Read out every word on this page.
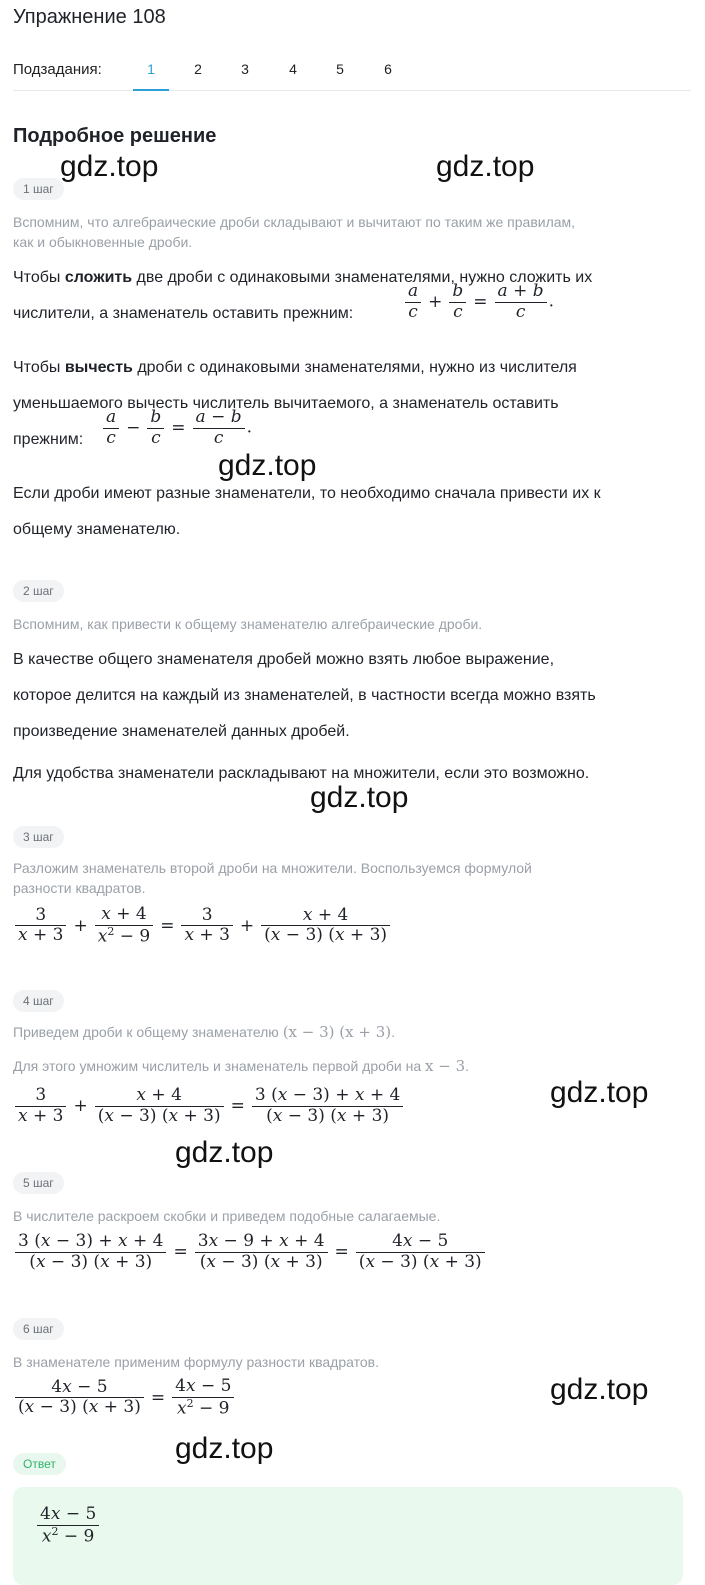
Упражнение 108
Подзадания:	1	2	3	4	5	6
Подробное решение
1 шаг
Вспомним, что алгебраические дроби складывают и вычитают по таким же правилам,
как и обыкновенные дроби.
Чтобы сложить две дроби с одинаковыми знаменателями, нужно сложить их
числители, а знаменатель оставить прежним:	$\frac{a}{c} + \frac{b}{c} = \frac{a + b}{c}$ .
Чтобы вычесть дроби с одинаковыми знаменателями, нужно из числителя
уменьшаемого вычесть числитель вычитаемого, а знаменатель оставить
прежним: $\frac{a}{c} - \frac{b}{c} = \frac{a - b}{c}$ .
Если дроби имеют разные знаменатели, то необходимо сначала привести их к
общему знаменателю.
2 шаг
Вспомним, как привести к общему знаменателю алгебраические дроби.
В качестве общего знаменателя дробей можно взять любое выражение,
которое делится на каждый из знаменателей, в частности всегда можно взять
произведение знаменателей данных дробей.
Для удобства знаменатели раскладывают на множители, если это возможно.
3 шаг
Разложим знаменатель второй дроби на множители. Воспользуемся формулой
разности квадратов.
$\frac{3}{x + 3} + \frac{x + 4}{x^2 - 9} = \frac{3}{x + 3} + \frac{x + 4}{(x - 3) (x + 3)}$
4 шаг
Приведем дроби к общему знаменателю (x − 3) (x + 3).
Для этого умножим числитель и знаменатель первой дроби на x − 3.
$\frac{3}{x + 3} + \frac{x + 4}{(x - 3) (x + 3)} = \frac{3 (x - 3) + x + 4}{(x - 3) (x + 3)}$
5 шаг
В числителе раскроем скобки и приведем подобные салагаемые.
$\frac{3 (x - 3) + x + 4}{(x - 3) (x + 3)} = \frac{3x - 9 + x + 4}{(x - 3) (x + 3)} = \frac{4x - 5}{(x - 3) (x + 3)}$
6 шаг
В знаменателе применим формулу разности квадратов.
$\frac{4x - 5}{(x - 3) (x + 3)} = \frac{4x - 5}{x^2 - 9}$
Ответ
$\frac{4x - 5}{x^2 - 9}$
gdz.top	gdz.top
gdz.top
gdz.top
gdz.top
gdz.top
gdz.top
gdz.top
